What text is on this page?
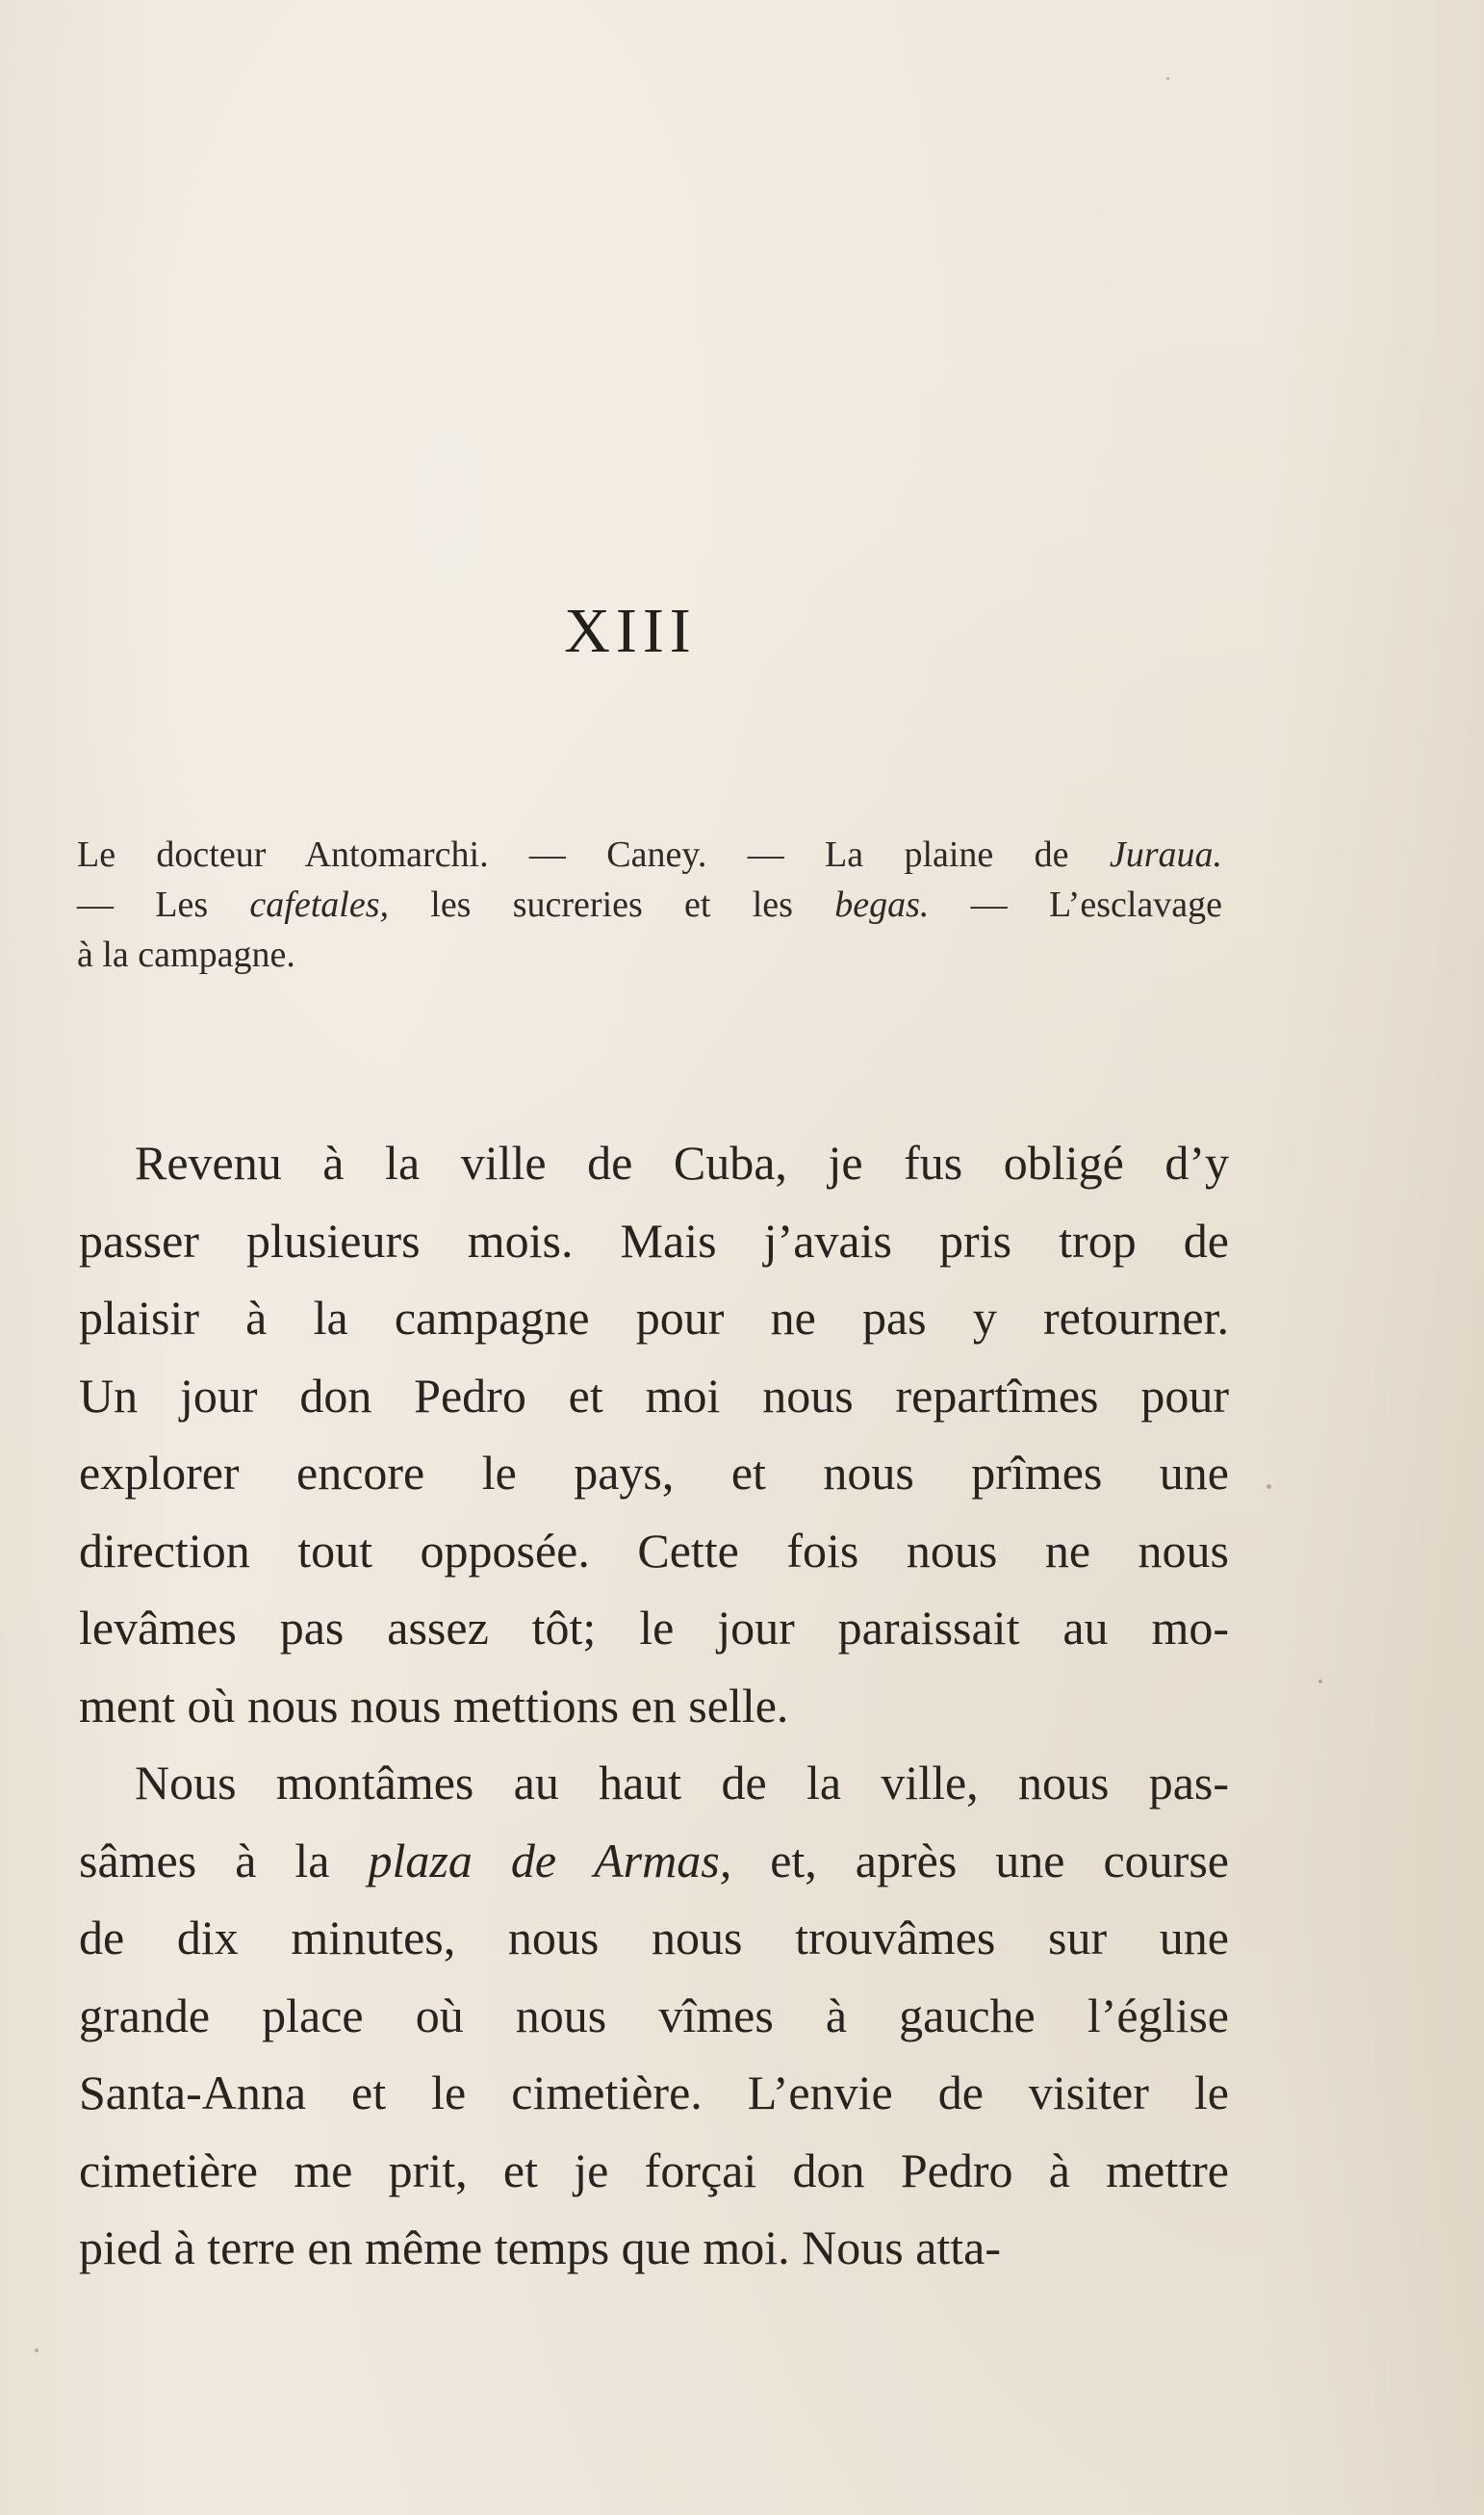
XIII
Le docteur Antomarchi. — Caney. — La plaine de Juraua.
— Les cafetales, les sucreries et les begas. — L’esclavage
à la campagne.
Revenu à la ville de Cuba, je fus obligé d’y
passer plusieurs mois. Mais j’avais pris trop de
plaisir à la campagne pour ne pas y retourner.
Un jour don Pedro et moi nous repartîmes pour
explorer encore le pays, et nous prîmes une
direction tout opposée. Cette fois nous ne nous
levâmes pas assez tôt; le jour paraissait au mo-
ment où nous nous mettions en selle.
Nous montâmes au haut de la ville, nous pas-
sâmes à la plaza de Armas, et, après une course
de dix minutes, nous nous trouvâmes sur une
grande place où nous vîmes à gauche l’église
Santa-Anna et le cimetière. L’envie de visiter le
cimetière me prit, et je forçai don Pedro à mettre
pied à terre en même temps que moi. Nous atta-
